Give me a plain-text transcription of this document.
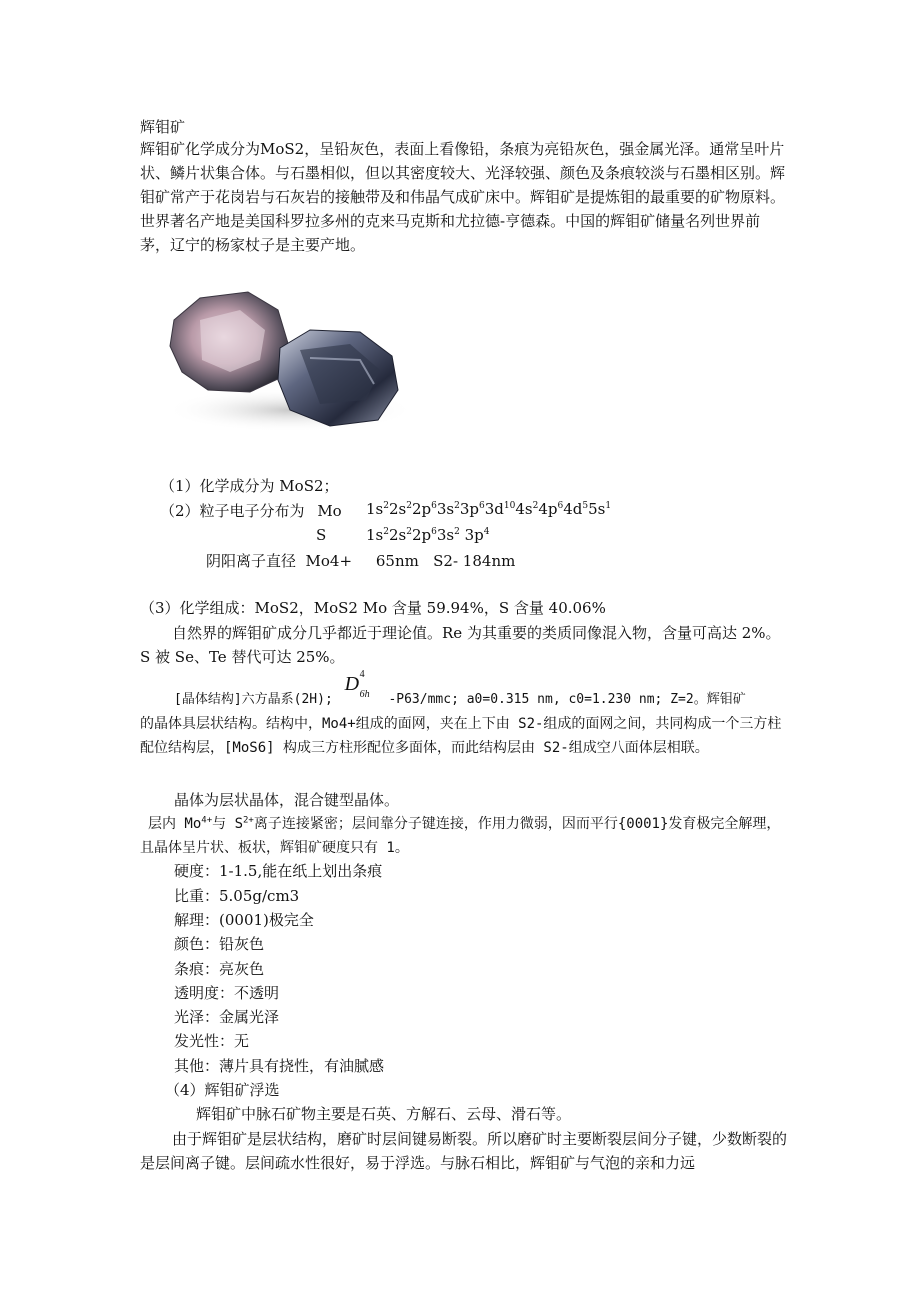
辉钼矿
辉钼矿化学成分为MoS2，呈铅灰色，表面上看像铅，条痕为亮铅灰色，强金属光泽。通常呈叶片状、鳞片状集合体。与石墨相似，但以其密度较大、光泽较强、颜色及条痕较淡与石墨相区别。辉钼矿常产于花岗岩与石灰岩的接触带及和伟晶气成矿床中。辉钼矿是提炼钼的最重要的矿物原料。世界著名产地是美国科罗拉多州的克来马克斯和尤拉德-亨德森。中国的辉钼矿储量名列世界前茅，辽宁的杨家杖子是主要产地。
（1）化学成分为 MoS2；
（2）粒子电子分布为 Mo $1s^22s^22p^63s^23p^63d^{10}4s^24p^64d^55s^1$
S	$1s^22s^22p^63s^2$ $3p^4$
阴阳离子直径  Mo4+     65nm   S2- 184nm
（3）化学组成：MoS2，MoS2 Mo 含量 59.94%，S 含量 40.06%
自然界的辉钼矿成分几乎都近于理论值。Re 为其重要的类质同像混入物，含量可高达 2%。S 被 Se、Te 替代可达 25%。
[晶体结构]六方晶系(2H);
D 4
6h -P63/mmc; a0=0.315 nm, c0=1.230 nm; Z=2。辉钼矿
的晶体具层状结构。结构中，Mo4+组成的面网，夹在上下由 S2-组成的面网之间，共同构成一个三方柱配位结构层，[MoS6] 构成三方柱形配位多面体，而此结构层由 S2-组成空八面体层相联。
晶体为层状晶体，混合键型晶体。
层内 $Mo^{4+}$与 $S^{2+}$离子连接紧密；层间靠分子键连接，作用力微弱，因而平行{0001}发育极完全解理，且晶体呈片状、板状，辉钼矿硬度只有 1。
硬度：1-1.5,能在纸上划出条痕
比重：5.05g/cm3
解理：(0001)极完全
颜色：铅灰色
条痕：亮灰色
透明度：不透明
光泽：金属光泽
发光性：无
其他：薄片具有挠性，有油腻感
（4）辉钼矿浮选
辉钼矿中脉石矿物主要是石英、方解石、云母、滑石等。
由于辉钼矿是层状结构，磨矿时层间键易断裂。所以磨矿时主要断裂层间分子键，少数断裂的是层间离子键。层间疏水性很好，易于浮选。与脉石相比，辉钼矿与气泡的亲和力远
